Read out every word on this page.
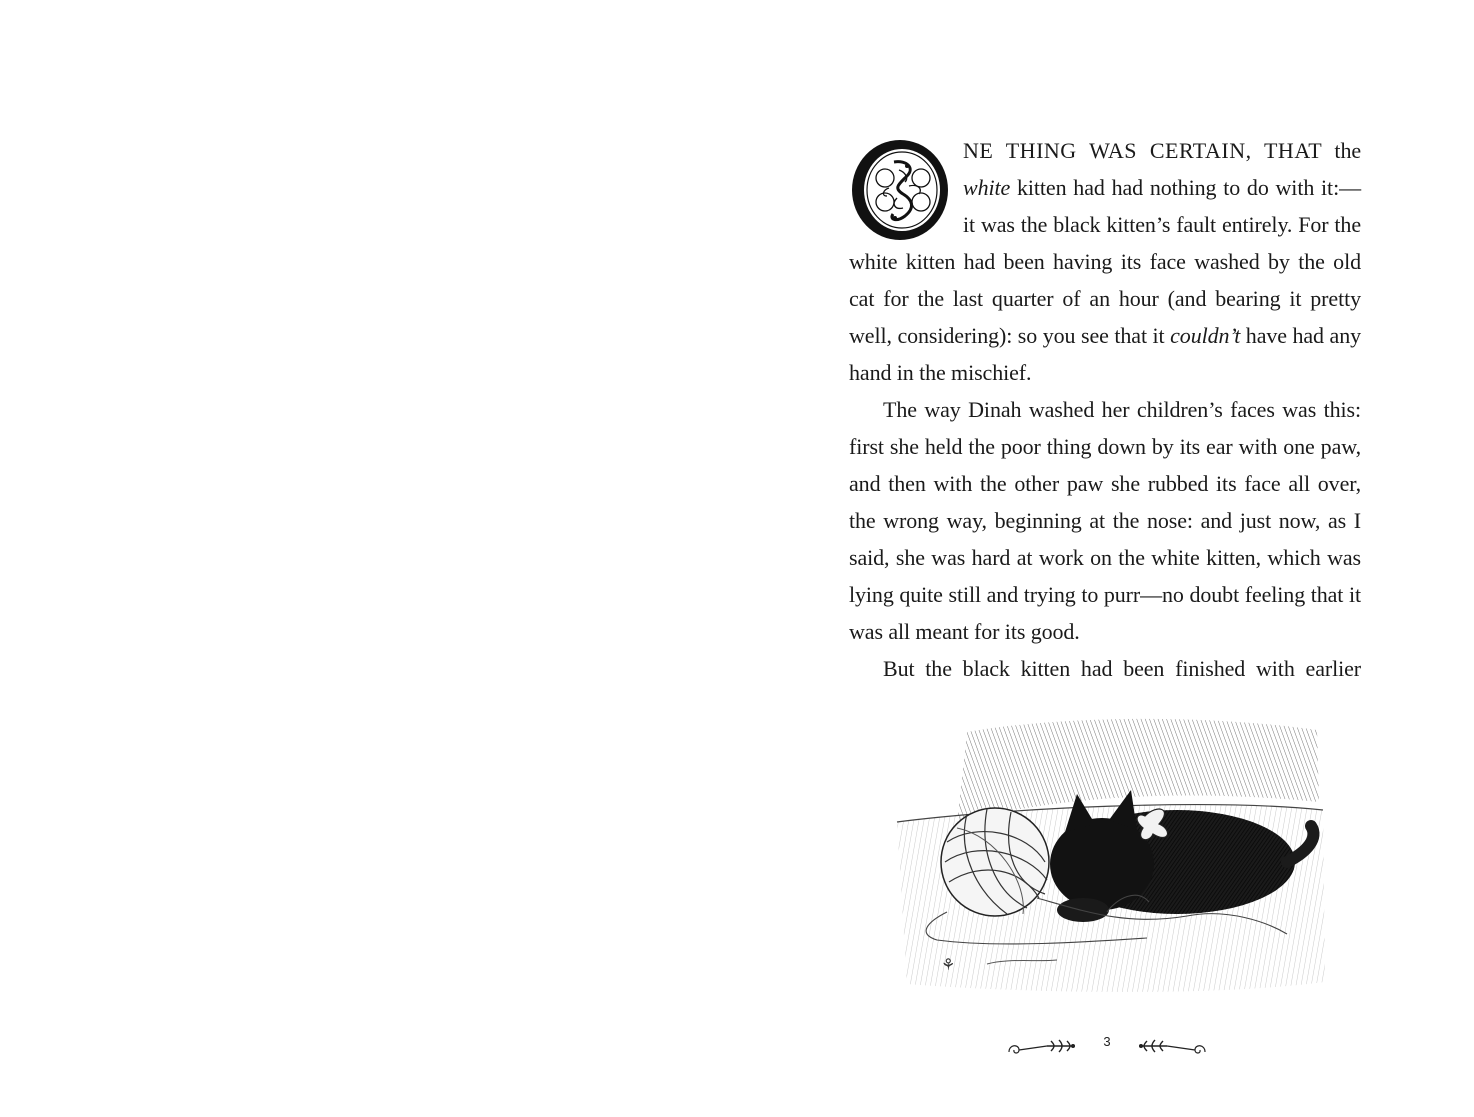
NE THING WAS CERTAIN, THAT the white kitten had had nothing to do with it:—it was the black kitten’s fault entirely. For the white kitten had been having its face washed by the old cat for the last quarter of an hour (and bearing it pretty well, considering): so you see that it couldn’t have had any hand in the mischief.

The way Dinah washed her children’s faces was this: first she held the poor thing down by its ear with one paw, and then with the other paw she rubbed its face all over, the wrong way, beginning at the nose: and just now, as I said, she was hard at work on the white kitten, which was lying quite still and trying to purr—no doubt feeling that it was all meant for its good.

But the black kitten had been finished with earlier

⚘
3
